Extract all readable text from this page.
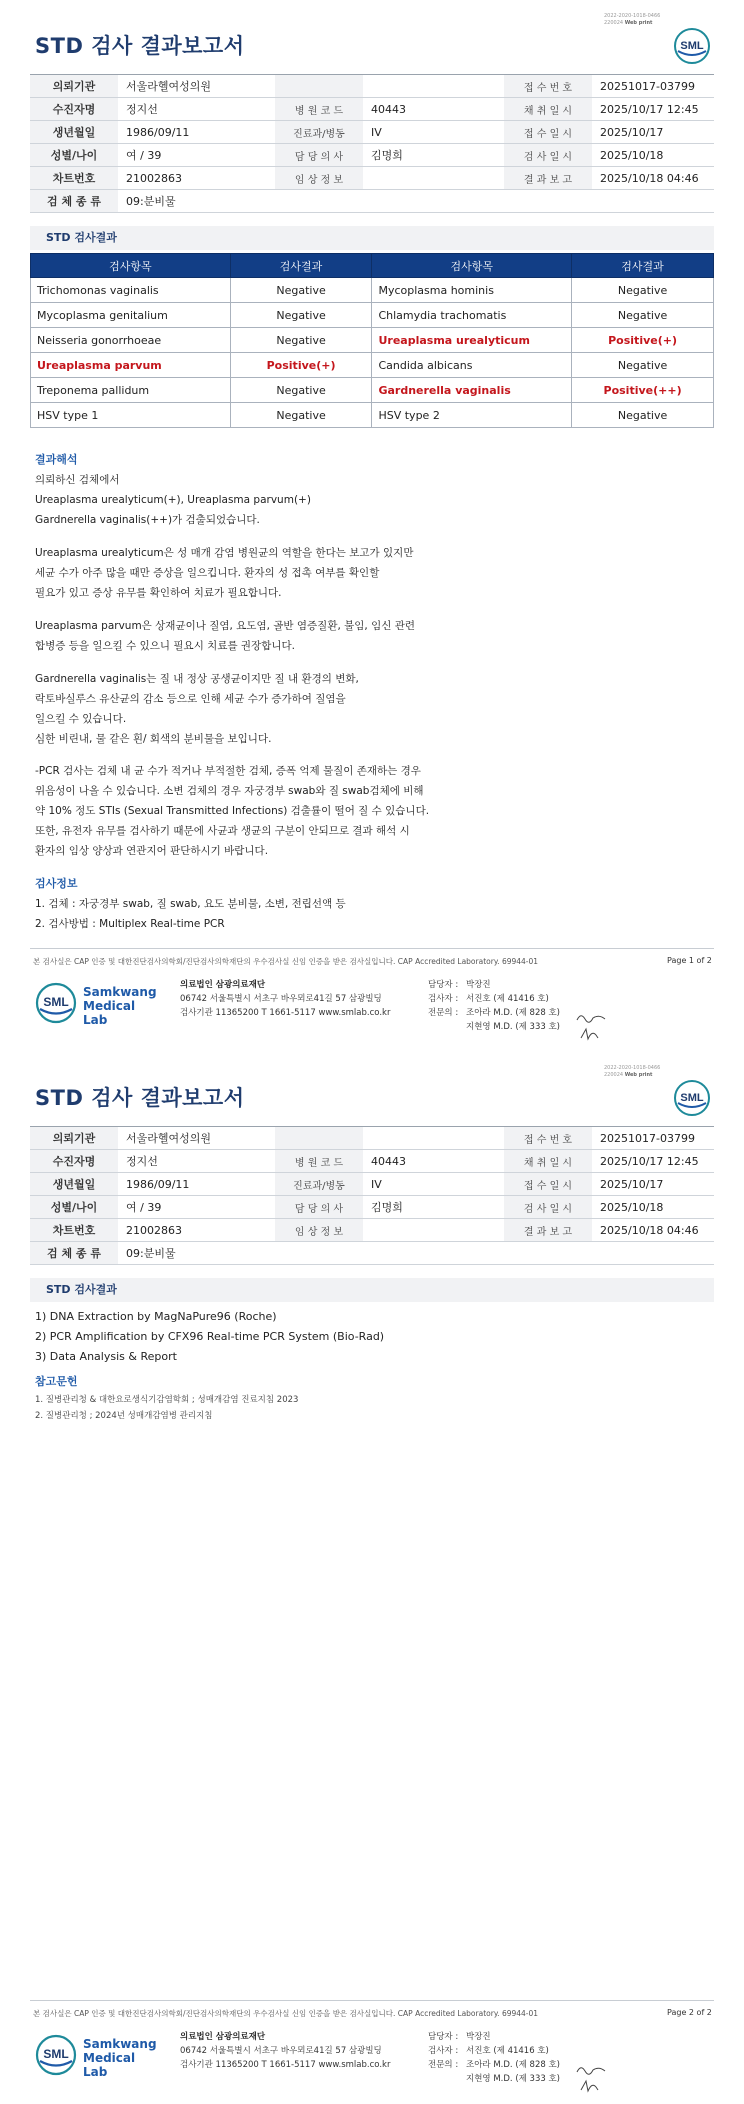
2022-2020-1018-0466
220024 Web print
STD 검사 결과보고서	SML
의뢰기관	서울라헬여성의원			접 수 번 호	20251017-03799
수진자명	정지선	병 원 코 드	40443	채 취 일 시	2025/10/17 12:45
생년월일	1986/09/11	진료과/병동	IV	접 수 일 시	2025/10/17
성별/나이	여 / 39	담 당 의 사	김명희	검 사 일 시	2025/10/18
차트번호	21002863	임 상 정 보		결 과 보 고	2025/10/18 04:46
검 체 종 류	09:분비물				
STD 검사결과
검사항목	검사결과	검사항목	검사결과
Trichomonas vaginalis	Negative	Mycoplasma hominis	Negative
Mycoplasma genitalium	Negative	Chlamydia trachomatis	Negative
Neisseria gonorrhoeae	Negative	Ureaplasma urealyticum	Positive(+)
Ureaplasma parvum	Positive(+)	Candida albicans	Negative
Treponema pallidum	Negative	Gardnerella vaginalis	Positive(++)
HSV type 1	Negative	HSV type 2	Negative
결과해석
의뢰하신 검체에서
Ureaplasma urealyticum(+), Ureaplasma parvum(+)
Gardnerella vaginalis(++)가 검출되었습니다.
Ureaplasma urealyticum은 성 매개 감염 병원균의 역할을 한다는 보고가 있지만
세균 수가 아주 많을 때만 증상을 일으킵니다. 환자의 성 접촉 여부를 확인할
필요가 있고 증상 유무를 확인하여 치료가 필요합니다.
Ureaplasma parvum은 상재균이나 질염, 요도염, 골반 염증질환, 불임, 임신 관련
합병증 등을 일으킬 수 있으니 필요시 치료를 권장합니다.
Gardnerella vaginalis는 질 내 정상 공생균이지만 질 내 환경의 변화,
락토바실루스 유산균의 감소 등으로 인해 세균 수가 증가하여 질염을
일으킬 수 있습니다.
심한 비린내, 물 같은 흰/ 회색의 분비물을 보입니다.
-PCR 검사는 검체 내 균 수가 적거나 부적절한 검체, 증폭 억제 물질이 존재하는 경우
위음성이 나올 수 있습니다. 소변 검체의 경우 자궁경부 swab와 질 swab검체에 비해
약 10% 정도 STIs (Sexual Transmitted Infections) 검출률이 떨어 질 수 있습니다.
또한, 유전자 유무를 검사하기 때문에 사균과 생균의 구분이 안되므로 결과 해석 시
환자의 임상 양상과 연관지어 판단하시기 바랍니다.
검사정보
1. 검체 : 자궁경부 swab, 질 swab, 요도 분비물, 소변, 전립선액 등
2. 검사방법 : Multiplex Real-time PCR
본 검사실은 CAP 인증 및 대한진단검사의학회/진단검사의학재단의 우수검사실 신임 인증을 받은 검사실입니다. CAP Accredited Laboratory. 69944-01	Page 1 of 2
SML
Samkwang
Medical Lab
의료법인 삼광의료재단
06742 서울특별시 서초구 바우뫼로41길 57 삼광빌딩
검사기관 11365200 T 1661-5117 www.smlab.co.kr
담당자 : 박장진
검사자 : 서진호 (제 41416 호)
전문의 : 조아라 M.D. (제 828 호)
지현영 M.D. (제 333 호)
2022-2020-1018-0466
220024 Web print
STD 검사 결과보고서	SML
의뢰기관	서울라헬여성의원			접 수 번 호	20251017-03799
수진자명	정지선	병 원 코 드	40443	채 취 일 시	2025/10/17 12:45
생년월일	1986/09/11	진료과/병동	IV	접 수 일 시	2025/10/17
성별/나이	여 / 39	담 당 의 사	김명희	검 사 일 시	2025/10/18
차트번호	21002863	임 상 정 보		결 과 보 고	2025/10/18 04:46
검 체 종 류	09:분비물				
STD 검사결과
1) DNA Extraction by MagNaPure96 (Roche)
2) PCR Amplification by CFX96 Real-time PCR System (Bio-Rad)
3) Data Analysis & Report
참고문헌
1. 질병관리청 & 대한요로생식기감염학회 ; 성매개감염 진료지침 2023
2. 질병관리청 ; 2024년 성매개감염병 관리지침
본 검사실은 CAP 인증 및 대한진단검사의학회/진단검사의학재단의 우수검사실 신임 인증을 받은 검사실입니다. CAP Accredited Laboratory. 69944-01	Page 2 of 2
SML
Samkwang
Medical Lab
의료법인 삼광의료재단
06742 서울특별시 서초구 바우뫼로41길 57 삼광빌딩
검사기관 11365200 T 1661-5117 www.smlab.co.kr
담당자 : 박장진
검사자 : 서진호 (제 41416 호)
전문의 : 조아라 M.D. (제 828 호)
지현영 M.D. (제 333 호)
